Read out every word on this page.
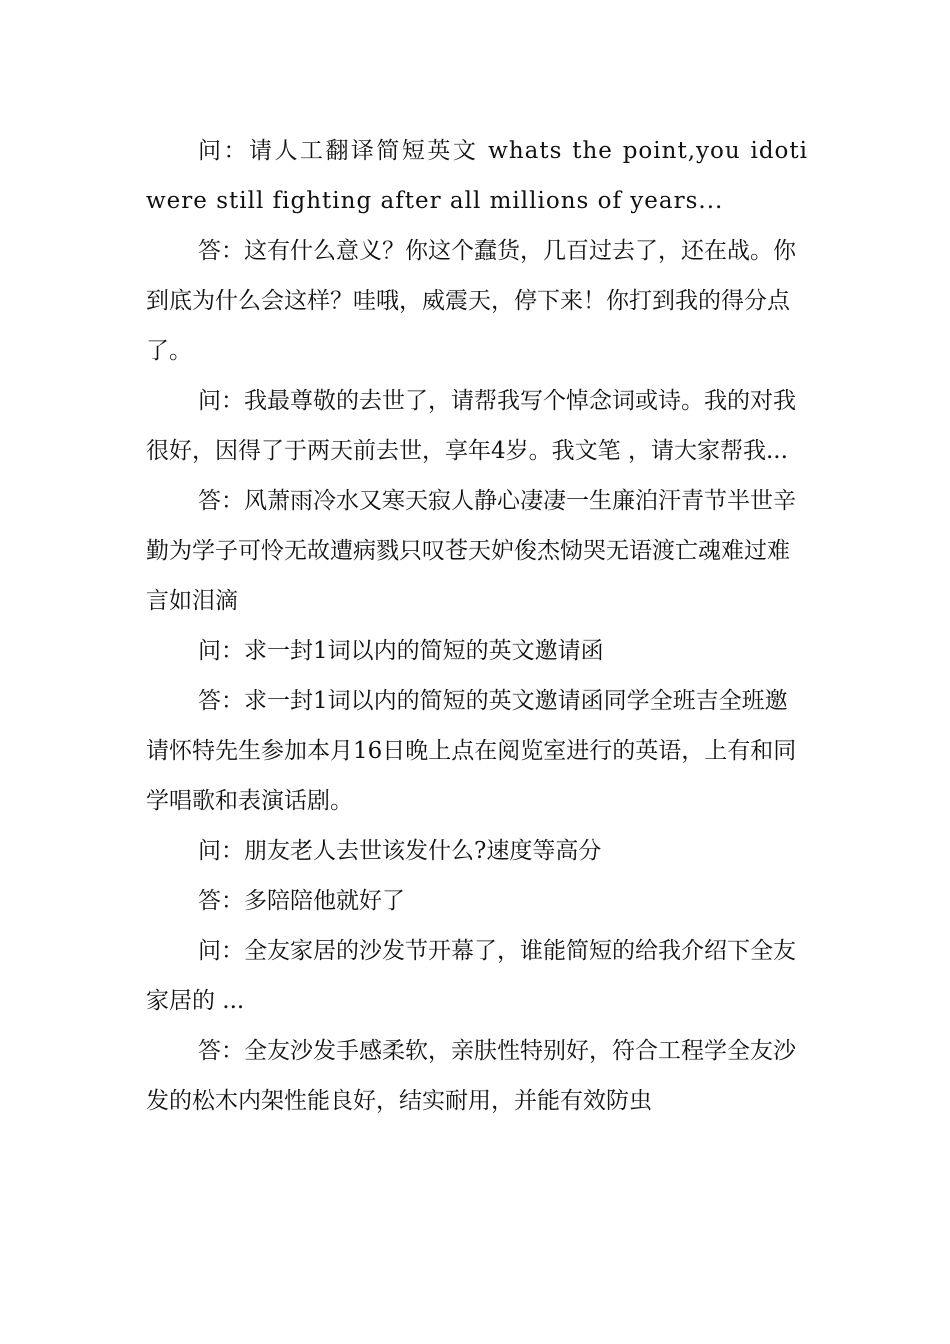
问：请人工翻译简短英文 whats the point,you idoti were still fighting after all millions of years...

答：这有什么意义？你这个蠢货，几百过去了，还在战。你到底为什么会这样？哇哦，威震天，停下来！你打到我的得分点了。

问：我最尊敬的去世了，请帮我写个悼念词或诗。我的对我很好，因得了于两天前去世，享年4岁。我文笔 ，请大家帮我...

答：风萧雨冷水又寒天寂人静心凄凄一生廉泊汗青节半世辛勤为学子可怜无故遭病戮只叹苍天妒俊杰恸哭无语渡亡魂难过难言如泪滴

问：求一封1词以内的简短的英文邀请函

答：求一封1词以内的简短的英文邀请函同学全班吉全班邀请怀特先生参加本月16日晚上点在阅览室进行的英语，上有和同学唱歌和表演话剧。

问：朋友老人去世该发什么?速度等高分

答：多陪陪他就好了

问：全友家居的沙发节开幕了，谁能简短的给我介绍下全友家居的 ...

答：全友沙发手感柔软，亲肤性特别好，符合工程学全友沙发的松木内架性能良好，结实耐用，并能有效防虫
